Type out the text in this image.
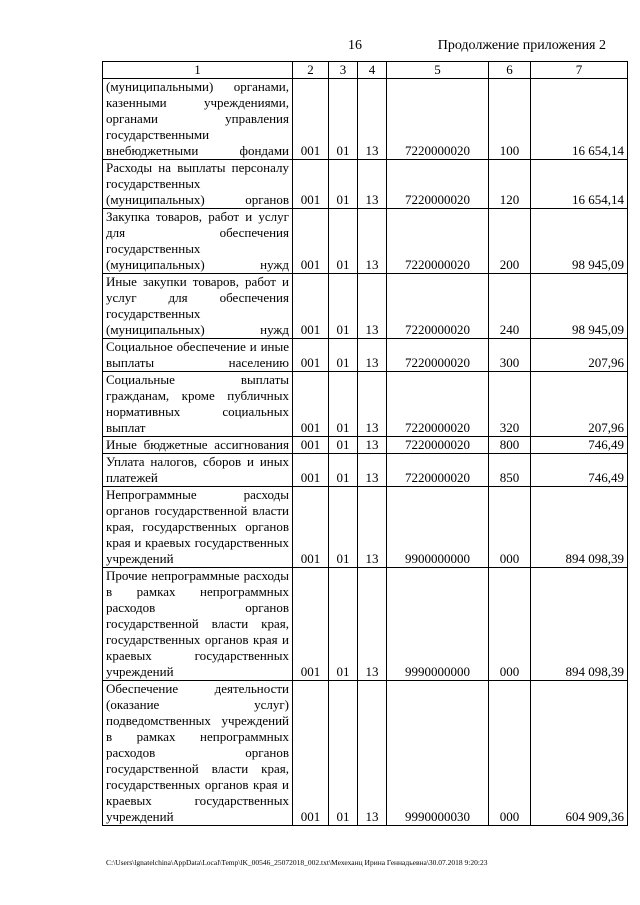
16	Продолжение приложения 2
1	2	3	4	5	6	7
(муниципальными) органами, казенными учреждениями, органами управления государственными внебюджетными фондами	001	01	13	7220000020	100	16 654,14
Расходы на выплаты персоналу государственных (муниципальных) органов	001	01	13	7220000020	120	16 654,14
Закупка товаров, работ и услуг для обеспечения государственных (муниципальных) нужд	001	01	13	7220000020	200	98 945,09
Иные закупки товаров, работ и услуг для обеспечения государственных (муниципальных) нужд	001	01	13	7220000020	240	98 945,09
Социальное обеспечение и иные выплаты населению	001	01	13	7220000020	300	207,96
Социальные выплаты гражданам, кроме публичных нормативных социальных выплат	001	01	13	7220000020	320	207,96
Иные бюджетные ассигнования	001	01	13	7220000020	800	746,49
Уплата налогов, сборов и иных платежей	001	01	13	7220000020	850	746,49
Непрограммные расходы органов государственной власти края, государственных органов края и краевых государственных учреждений	001	01	13	9900000000	000	894 098,39
Прочие непрограммные расходы в рамках непрограммных расходов органов государственной власти края, государственных органов края и краевых государственных учреждений	001	01	13	9990000000	000	894 098,39
Обеспечение деятельности (оказание услуг) подведомственных учреждений в рамках непрограммных расходов органов государственной власти края, государственных органов края и краевых государственных учреждений	001	01	13	9990000030	000	604 909,36
C:\Users\lgnatelchina\AppData\Local\Temp\lK_00546_25072018_002.txt\Мехеханц Ирина Геннадьевна\30.07.2018 9:20:23
